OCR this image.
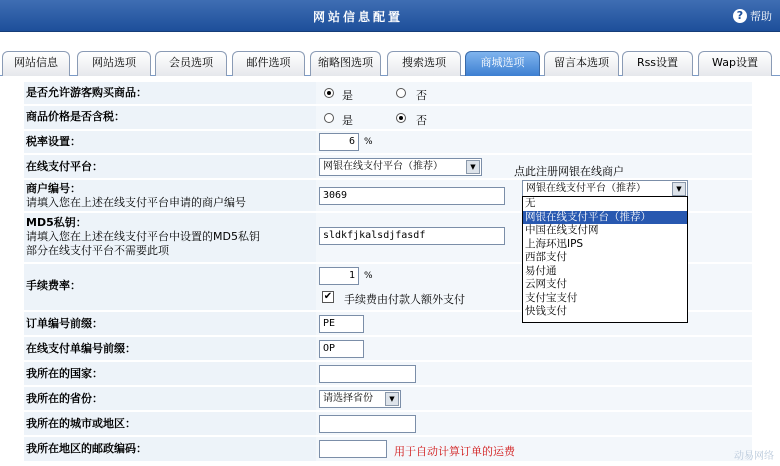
网站信息配置	? 帮助
网站信息	网站选项	会员选项	邮件选项	缩略图选项	搜索选项	商城选项	留言本选项	Rss设置	Wap设置
是否允许游客购买商品：	是	否
商品价格是否含税：	是	否
税率设置：	6	%
在线支付平台：	网银在线支付平台（推荐）	▼
商户编号：
请填入您在上述在线支付平台申请的商户编号
3069
MD5私钥：
请填入您在上述在线支付平台中设置的MD5私钥
部分在线支付平台不需要此项
sldkfjkalsdjfasdf
手续费率：
1	%
✔ 手续费由付款人额外支付
订单编号前缀：	PE
在线支付单编号前缀：	OP
我所在的国家：
我所在的省份：	请选择省份	▼
我所在的城市或地区：
我所在地区的邮政编码：	用于自动计算订单的运费
点此注册网银在线商户
网银在线支付平台（推荐）	▼
无
网银在线支付平台（推荐）
中国在线支付网
上海环迅IPS
西部支付
易付通
云网支付
支付宝支付
快钱支付
动易网络
